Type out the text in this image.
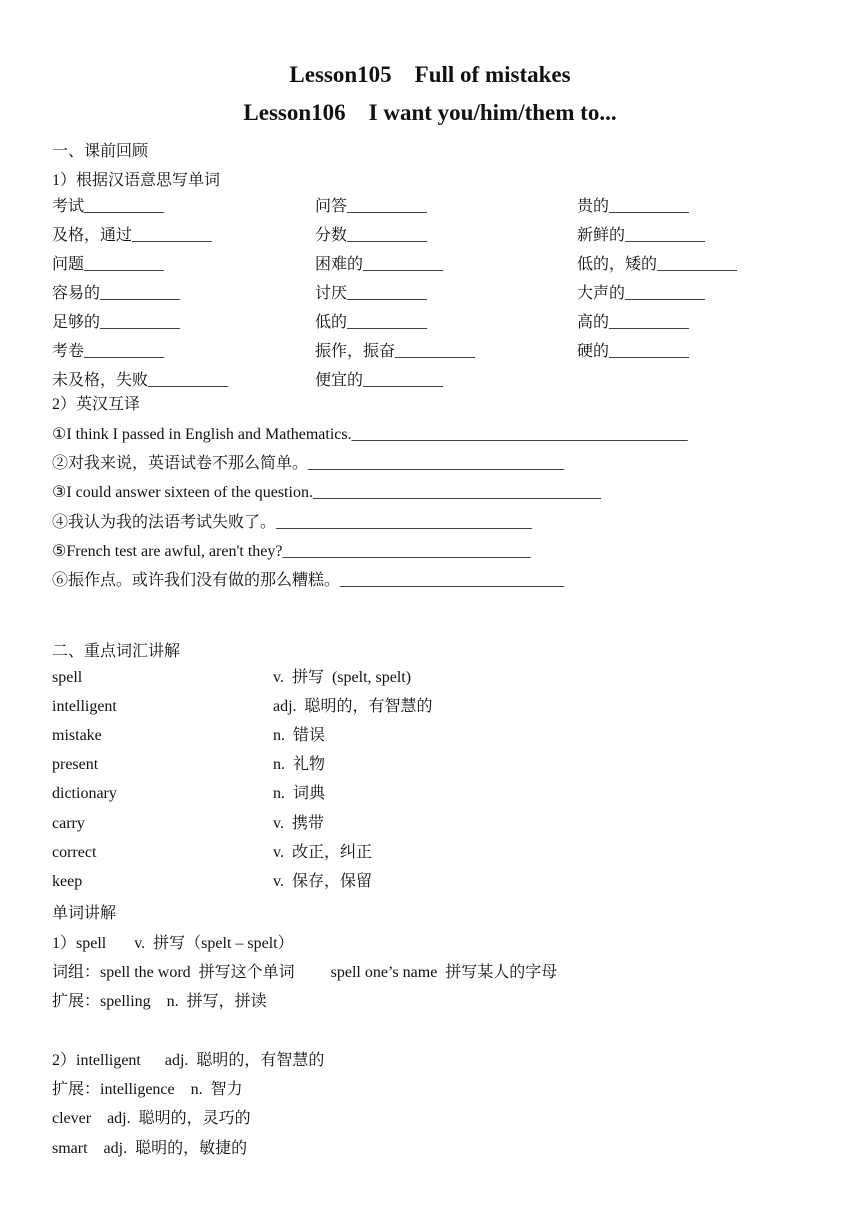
Lesson105    Full of mistakes
Lesson106    I want you/him/them to...
一、课前回顾
1）根据汉语意思写单词
考试__________	问答__________	贵的__________
及格，通过__________	分数__________	新鲜的__________
问题__________	困难的__________	低的，矮的__________
容易的__________	讨厌__________	大声的__________
足够的__________	低的__________	高的__________
考卷__________	振作，振奋__________	硬的__________
未及格，失败__________	便宜的__________
2）英汉互译
①I think I passed in English and Mathematics.__________________________________________
②对我来说，英语试卷不那么简单。________________________________
③I could answer sixteen of the question.____________________________________
④我认为我的法语考试失败了。________________________________
⑤French test are awful, aren't they?_______________________________
⑥振作点。或许我们没有做的那么糟糕。____________________________
二、重点词汇讲解
spell	v.  拼写  (spelt, spelt)
intelligent	adj.  聪明的，有智慧的
mistake	n.  错误
present	n.  礼物
dictionary	n.  词典
carry	v.  携带
correct	v.  改正，纠正
keep	v.  保存，保留
单词讲解
1）spell       v.  拼写（spelt – spelt）
词组：spell the word  拼写这个单词         spell one’s name  拼写某人的字母
扩展：spelling    n.  拼写，拼读
2）intelligent      adj.  聪明的，有智慧的
扩展：intelligence    n.  智力
clever    adj.  聪明的，灵巧的
smart    adj.  聪明的，敏捷的
